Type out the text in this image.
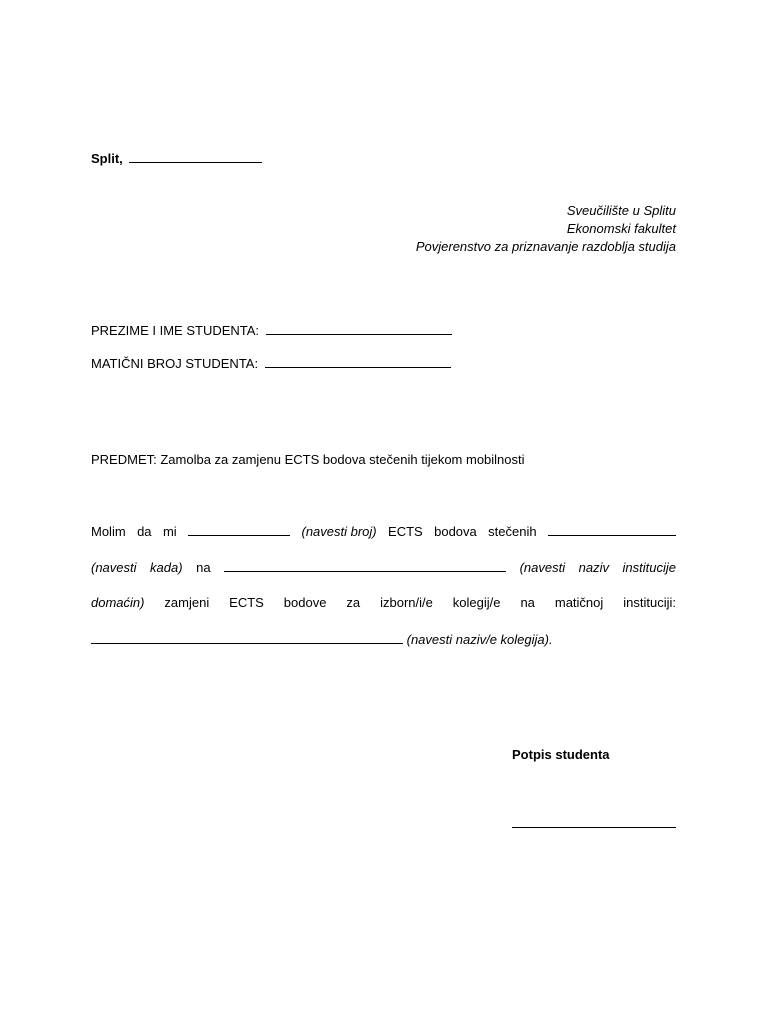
Split,
Sveučilište u Splitu
Ekonomski fakultet
Povjerenstvo za priznavanje razdoblja studija
PREZIME I IME STUDENTA:
MATIČNI BROJ STUDENTA:
PREDMET: Zamolba za zamjenu ECTS bodova stečenih tijekom mobilnosti
Molim da mi	(navesti broj) ECTS bodova stečenih
(navesti kada) na	(navesti naziv institucije
domaćin) zamjeni ECTS bodove za izborn/i/e kolegij/e na matičnoj instituciji:
(navesti naziv/e kolegija).
Potpis studenta
